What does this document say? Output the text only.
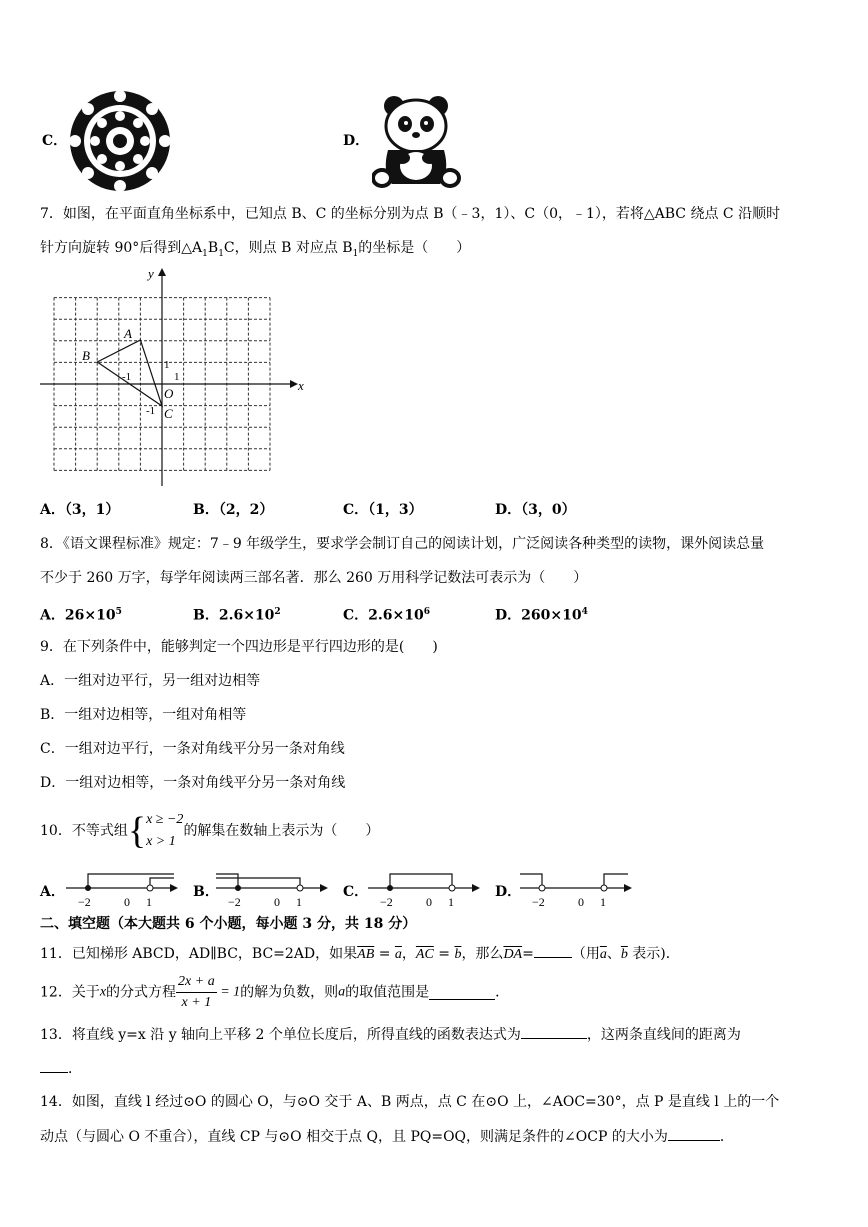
C．	D．
7．如图，在平面直角坐标系中，已知点 B、C 的坐标分别为点 B（﹣3，1）、C（0，﹣1），若将△ABC 绕点 C 沿顺时
针方向旋转 90°后得到$\triangle A_1B_1C$，则点 B 对应点 $B_1$的坐标是（　　）
x
y
A
B
C
O
1
-1	1
-1
A．（3，1）	B．（2，2）	C．（1，3）	D．（3，0）
8．《语文课程标准》规定：7﹣9 年级学生，要求学会制订自己的阅读计划，广泛阅读各种类型的读物，课外阅读总量
不少于 260 万字，每学年阅读两三部名著．那么 260 万用科学记数法可表示为（　　）
A．$26\times 10^5$	B．$2.6\times 10^2$	C．$2.6\times 10^6$	D．$260\times 10^4$
9．在下列条件中，能够判定一个四边形是平行四边形的是(　　)
A．一组对边平行，另一组对边相等
B．一组对边相等，一组对角相等
C．一组对边平行，一条对角线平分另一条对角线
D．一组对边相等，一条对角线平分另一条对角线
10．不等式组{ x ≥ −2
x > 1
的解集在数轴上表示为（　　）
A．
−2	0 1
B．
−2	0 1
C．
−2	0 1
D．
−2	0 1
二、填空题（本大题共 6 个小题，每小题 3 分，共 18 分）
11．已知梯形 ABCD，AD∥BC，BC=2AD，如果$\overline{AB} = \overline{a}$，$\overline{AC} = \overline{b}$，那么$\overline{DA}=$	（用$\overline{a}$、$\overline{b}$ 表示)．
12．关于x的分式方程 $\frac{2x + a}{x + 1} = 1$的解为负数，则a的取值范围是	．
13．将直线 y=x 沿 y 轴向上平移 2 个单位长度后，所得直线的函数表达式为	，这两条直线间的距离为
．
14．如图，直线 l 经过⊙O 的圆心 O，与⊙O 交于 A、B 两点，点 C 在⊙O 上，∠AOC=30°，点 P 是直线 l 上的一个
动点（与圆心 O 不重合），直线 CP 与⊙O 相交于点 Q，且 PQ=OQ，则满足条件的∠OCP 的大小为	．
